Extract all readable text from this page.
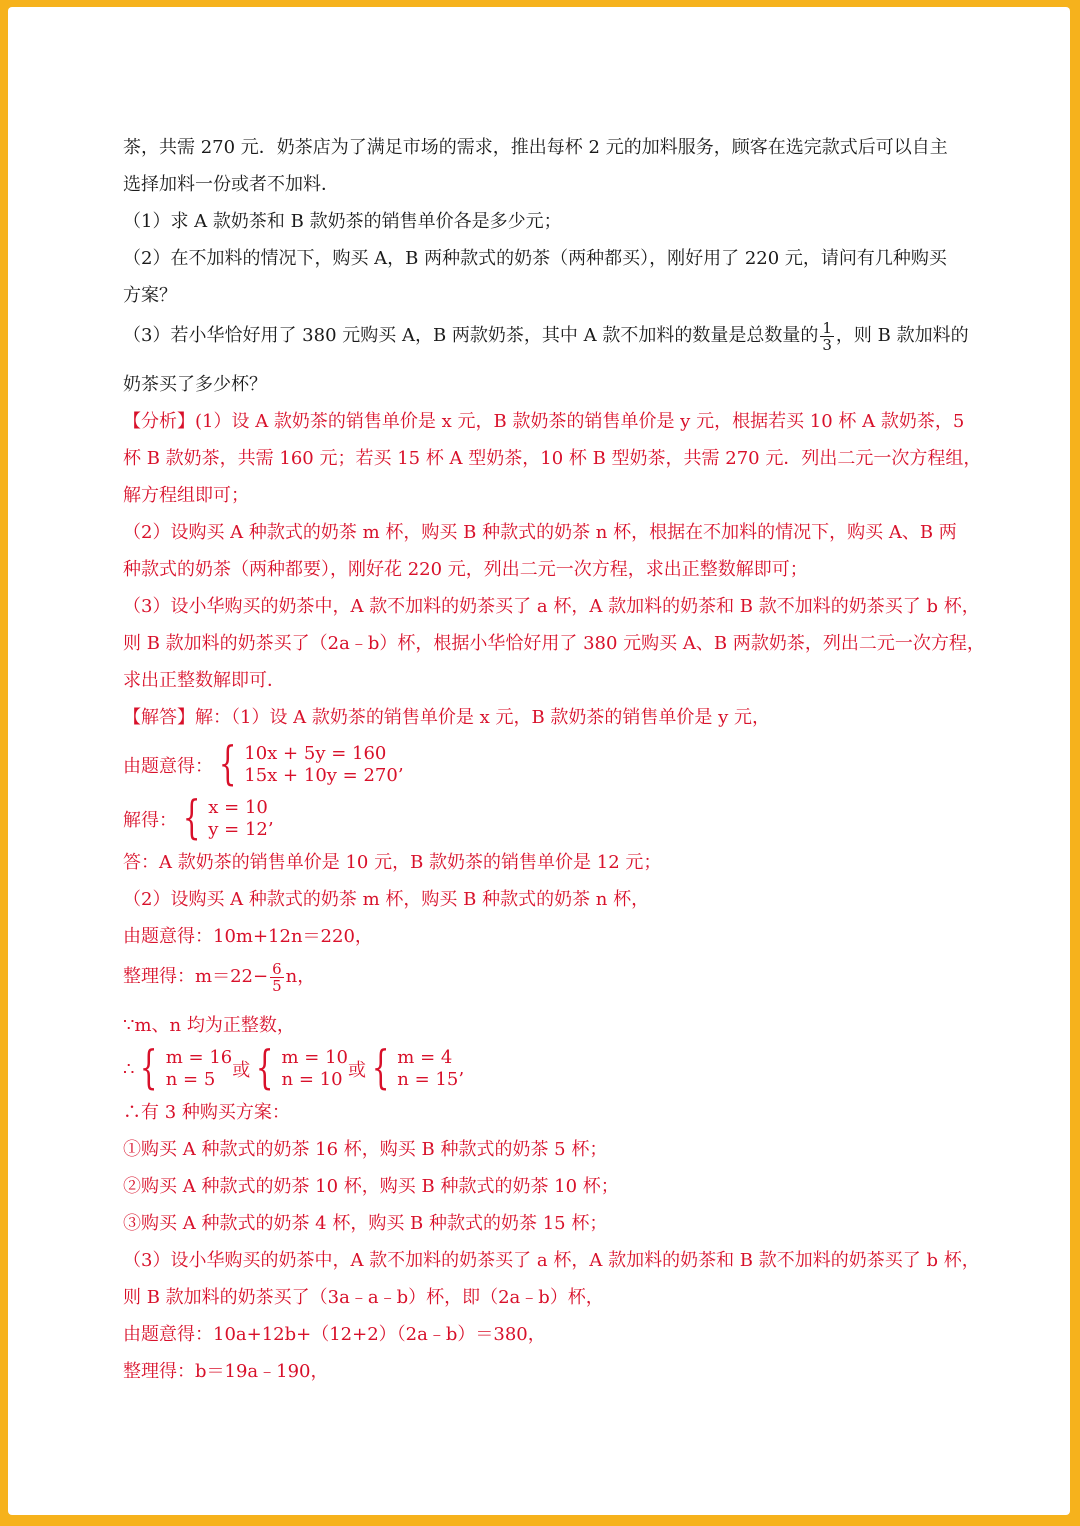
茶，共需 270 元．奶茶店为了满足市场的需求，推出每杯 2 元的加料服务，顾客在选完款式后可以自主
选择加料一份或者不加料．
（1）求 A 款奶茶和 B 款奶茶的销售单价各是多少元；
（2）在不加料的情况下，购买 A，B 两种款式的奶茶（两种都买），刚好用了 220 元，请问有几种购买
方案？
（3）若小华恰好用了 380 元购买 A，B 两款奶茶，其中 A 款不加料的数量是总数量的 $\frac{1}{3}$ ，则 B 款加料的
奶茶买了多少杯？
【分析】(1）设 A 款奶茶的销售单价是 x 元，B 款奶茶的销售单价是 y 元，根据若买 10 杯 A 款奶茶，5
杯 B 款奶茶，共需 160 元；若买 15 杯 A 型奶茶，10 杯 B 型奶茶，共需 270 元．列出二元一次方程组，
解方程组即可；
（2）设购买 A 种款式的奶茶 m 杯，购买 B 种款式的奶茶 n 杯，根据在不加料的情况下，购买 A、B 两
种款式的奶茶（两种都要），刚好花 220 元，列出二元一次方程，求出正整数解即可；
（3）设小华购买的奶茶中，A 款不加料的奶茶买了 a 杯，A 款加料的奶茶和 B 款不加料的奶茶买了 b 杯，
则 B 款加料的奶茶买了（2a﹣b）杯，根据小华恰好用了 380 元购买 A、B 两款奶茶，列出二元一次方程，
求出正整数解即可．
【解答】解：（1）设 A 款奶茶的销售单价是 x 元，B 款奶茶的销售单价是 y 元，
由题意得： { 10x + 5y = 160
15x + 10y = 270’
解得： { x = 10
y = 12’
答：A 款奶茶的销售单价是 10 元，B 款奶茶的销售单价是 12 元；
（2）设购买 A 种款式的奶茶 m 杯，购买 B 种款式的奶茶 n 杯，
由题意得：10m+12n＝220，
整理得：$m=22- \frac{6}{5}$ n，
∵m、n 均为正整数，
∴ { m = 16
n = 5 或 { m = 10
n = 10 或 { m = 4
n = 15’
∴有 3 种购买方案：
①购买 A 种款式的奶茶 16 杯，购买 B 种款式的奶茶 5 杯；
②购买 A 种款式的奶茶 10 杯，购买 B 种款式的奶茶 10 杯；
③购买 A 种款式的奶茶 4 杯，购买 B 种款式的奶茶 15 杯；
（3）设小华购买的奶茶中，A 款不加料的奶茶买了 a 杯，A 款加料的奶茶和 B 款不加料的奶茶买了 b 杯，
则 B 款加料的奶茶买了（3a﹣a﹣b）杯，即（2a﹣b）杯，
由题意得：10a+12b+（12+2）（2a﹣b）＝380，
整理得：b＝19a﹣190，
